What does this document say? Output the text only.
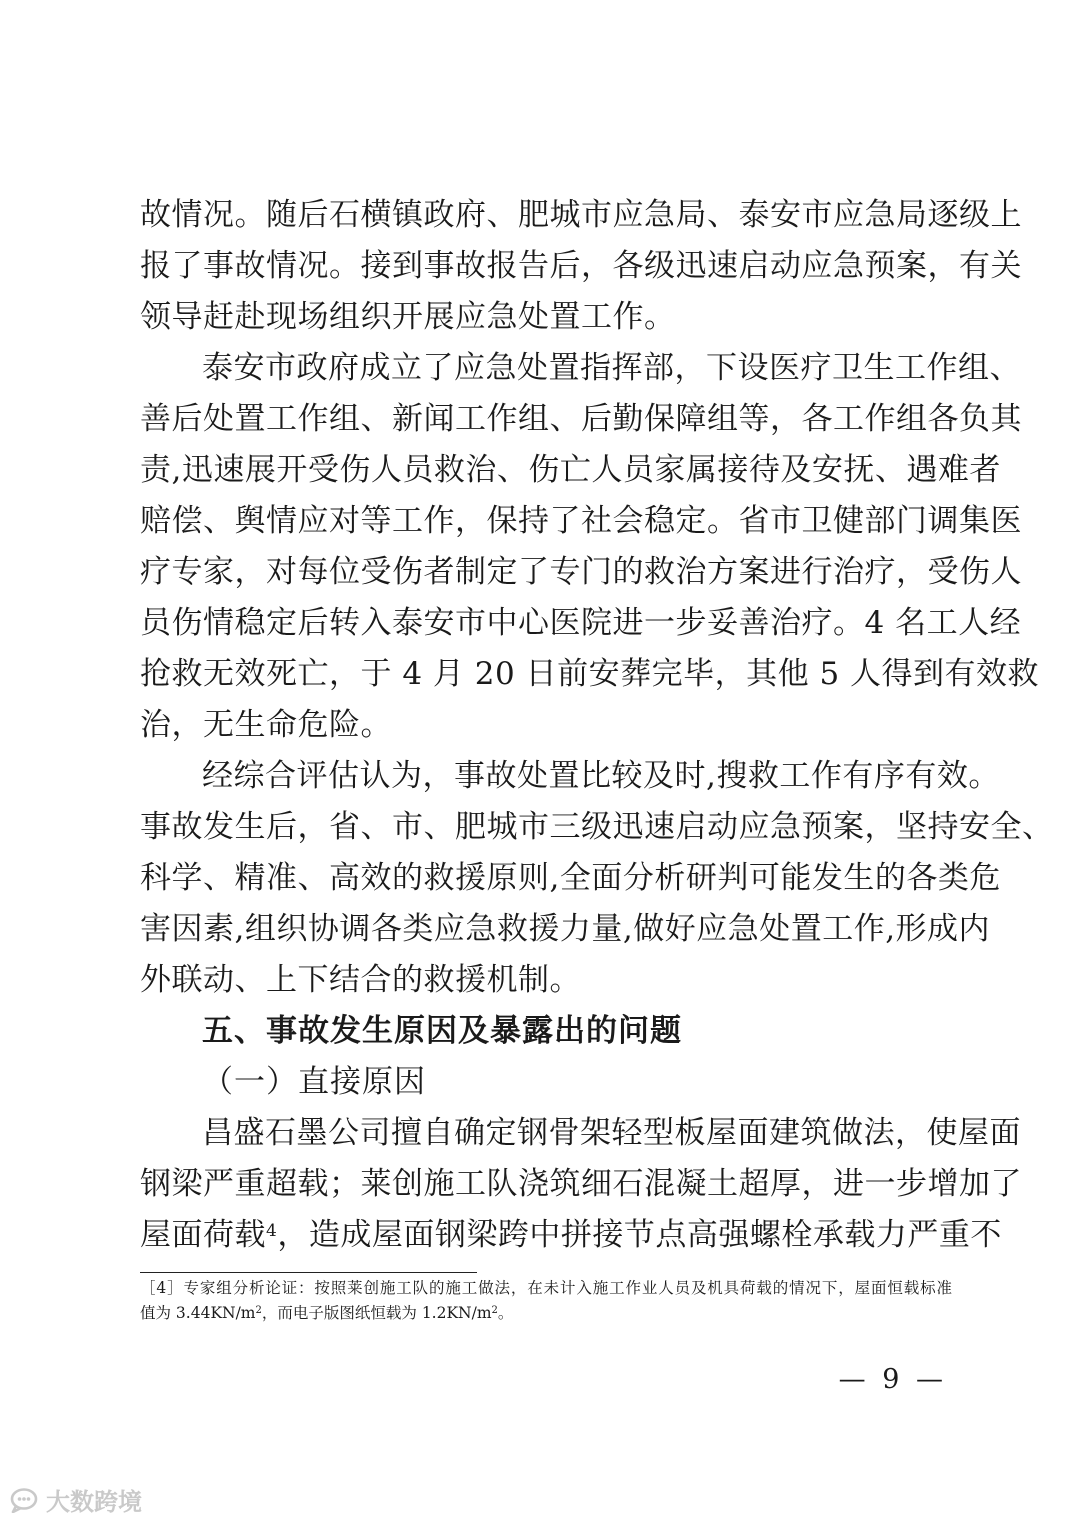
故情况。随后石横镇政府、肥城市应急局、泰安市应急局逐级上
报了事故情况。接到事故报告后，各级迅速启动应急预案，有关
领导赶赴现场组织开展应急处置工作。
泰安市政府成立了应急处置指挥部，下设医疗卫生工作组、
善后处置工作组、新闻工作组、后勤保障组等，各工作组各负其
责,迅速展开受伤人员救治、伤亡人员家属接待及安抚、遇难者
赔偿、舆情应对等工作，保持了社会稳定。省市卫健部门调集医
疗专家，对每位受伤者制定了专门的救治方案进行治疗，受伤人
员伤情稳定后转入泰安市中心医院进一步妥善治疗。4 名工人经
抢救无效死亡，于 4 月 20 日前安葬完毕，其他 5 人得到有效救
治，无生命危险。
经综合评估认为，事故处置比较及时,搜救工作有序有效。
事故发生后，省、市、肥城市三级迅速启动应急预案，坚持安全、
科学、精准、高效的救援原则,全面分析研判可能发生的各类危
害因素,组织协调各类应急救援力量,做好应急处置工作,形成内
外联动、上下结合的救援机制。
五、事故发生原因及暴露出的问题
（一）直接原因
昌盛石墨公司擅自确定钢骨架轻型板屋面建筑做法，使屋面
钢梁严重超载；莱创施工队浇筑细石混凝土超厚，进一步增加了
屋面荷载$^4$，造成屋面钢梁跨中拼接节点高强螺栓承载力严重不
［4］专家组分析论证：按照莱创施工队的施工做法，在未计入施工作业人员及机具荷载的情况下，屋面恒载标准
值为 $3.44KN/m^2$，而电子版图纸恒载为 $1.2KN/m^2$。
— 9 —
大数跨境
